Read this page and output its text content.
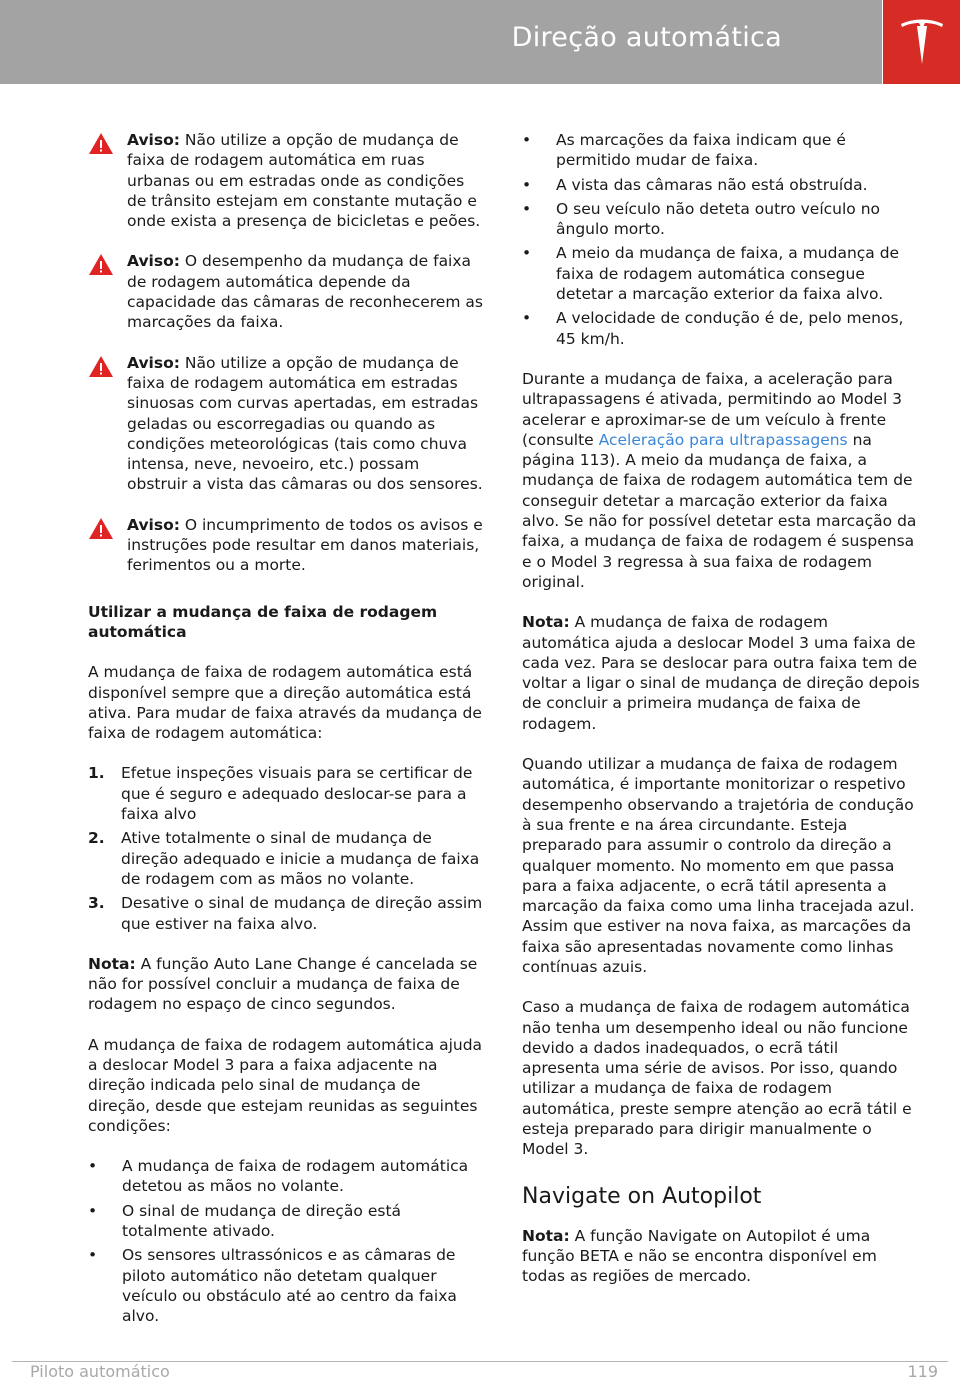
Direção automática
Aviso: Não utilize a opção de mudança de faixa de rodagem automática em ruas urbanas ou em estradas onde as condições de trânsito estejam em constante mutação e onde exista a presença de bicicletas e peões.
Aviso: O desempenho da mudança de faixa de rodagem automática depende da capacidade das câmaras de reconhecerem as marcações da faixa.
Aviso: Não utilize a opção de mudança de faixa de rodagem automática em estradas sinuosas com curvas apertadas, em estradas geladas ou escorregadias ou quando as condições meteorológicas (tais como chuva intensa, neve, nevoeiro, etc.) possam obstruir a vista das câmaras ou dos sensores.
Aviso: O incumprimento de todos os avisos e instruções pode resultar em danos materiais, ferimentos ou a morte.
Utilizar a mudança de faixa de rodagem automática

A mudança de faixa de rodagem automática está disponível sempre que a direção automática está ativa. Para mudar de faixa através da mudança de faixa de rodagem automática:

1. Efetue inspeções visuais para se certificar de que é seguro e adequado deslocar-se para a faixa alvo
2. Ative totalmente o sinal de mudança de direção adequado e inicie a mudança de faixa de rodagem com as mãos no volante.
3. Desative o sinal de mudança de direção assim que estiver na faixa alvo.

Nota: A função Auto Lane Change é cancelada se não for possível concluir a mudança de faixa de rodagem no espaço de cinco segundos.

A mudança de faixa de rodagem automática ajuda a deslocar Model 3 para a faixa adjacente na direção indicada pelo sinal de mudança de direção, desde que estejam reunidas as seguintes condições:

• A mudança de faixa de rodagem automática detetou as mãos no volante.
• O sinal de mudança de direção está totalmente ativado.
• Os sensores ultrassónicos e as câmaras de piloto automático não detetam qualquer veículo ou obstáculo até ao centro da faixa alvo.
• As marcações da faixa indicam que é permitido mudar de faixa.
• A vista das câmaras não está obstruída.
• O seu veículo não deteta outro veículo no ângulo morto.
• A meio da mudança de faixa, a mudança de faixa de rodagem automática consegue detetar a marcação exterior da faixa alvo.
• A velocidade de condução é de, pelo menos, 45 km/h.

Durante a mudança de faixa, a aceleração para ultrapassagens é ativada, permitindo ao Model 3 acelerar e aproximar-se de um veículo à frente (consulte Aceleração para ultrapassagens na página 113). A meio da mudança de faixa, a mudança de faixa de rodagem automática tem de conseguir detetar a marcação exterior da faixa alvo. Se não for possível detetar esta marcação da faixa, a mudança de faixa de rodagem é suspensa e o Model 3 regressa à sua faixa de rodagem original.

Nota: A mudança de faixa de rodagem automática ajuda a deslocar Model 3 uma faixa de cada vez. Para se deslocar para outra faixa tem de voltar a ligar o sinal de mudança de direção depois de concluir a primeira mudança de faixa de rodagem.

Quando utilizar a mudança de faixa de rodagem automática, é importante monitorizar o respetivo desempenho observando a trajetória de condução à sua frente e na área circundante. Esteja preparado para assumir o controlo da direção a qualquer momento. No momento em que passa para a faixa adjacente, o ecrã tátil apresenta a marcação da faixa como uma linha tracejada azul. Assim que estiver na nova faixa, as marcações da faixa são apresentadas novamente como linhas contínuas azuis.

Caso a mudança de faixa de rodagem automática não tenha um desempenho ideal ou não funcione devido a dados inadequados, o ecrã tátil apresenta uma série de avisos. Por isso, quando utilizar a mudança de faixa de rodagem automática, preste sempre atenção ao ecrã tátil e esteja preparado para dirigir manualmente o Model 3.

Navigate on Autopilot

Nota: A função Navigate on Autopilot é uma função BETA e não se encontra disponível em todas as regiões de mercado.

Piloto automático	119
